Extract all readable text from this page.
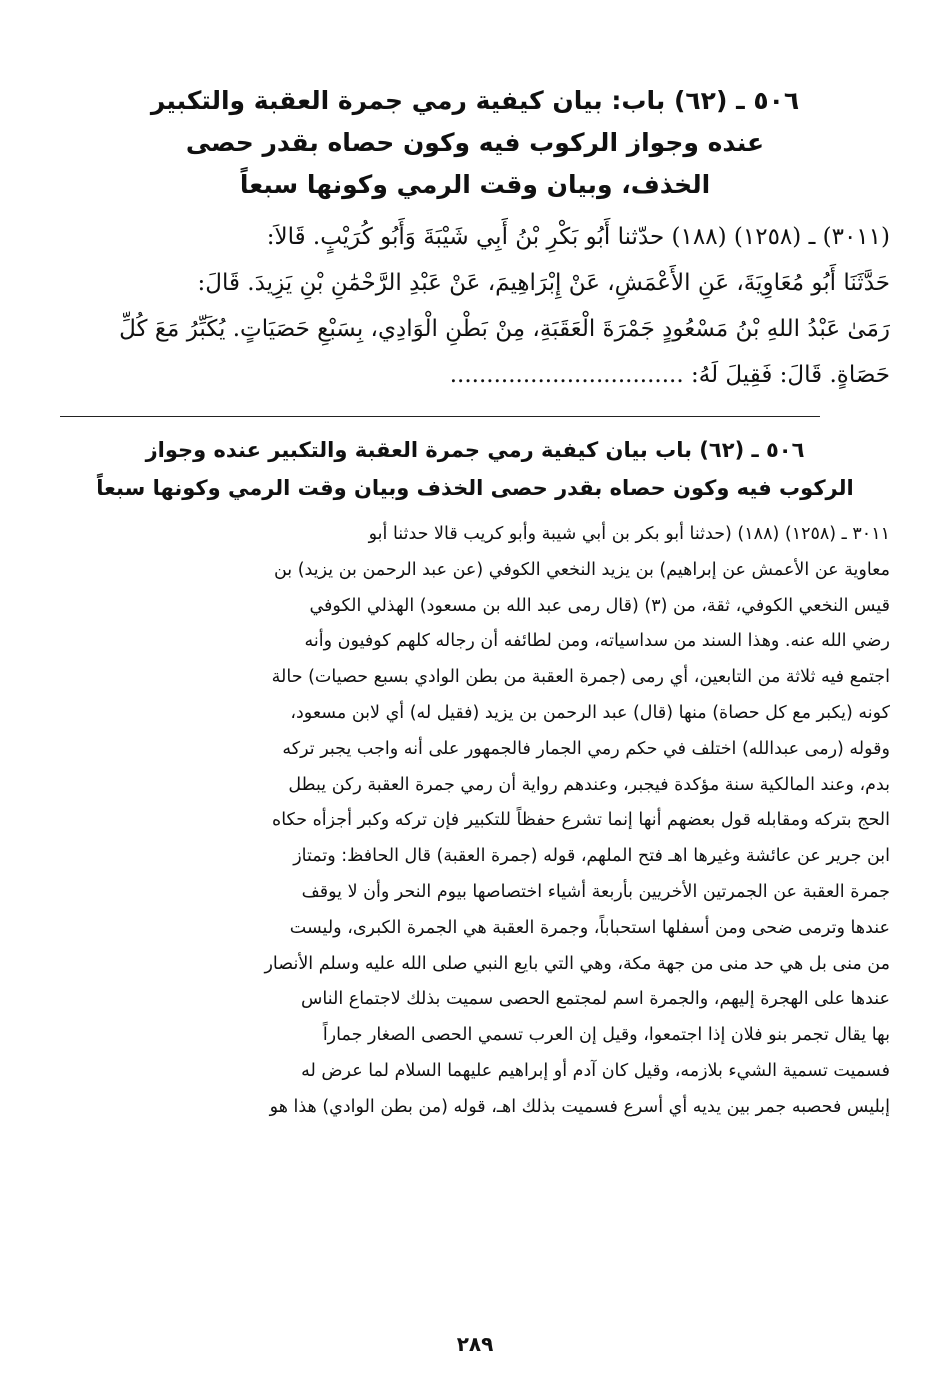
٥٠٦ ـ (٦٢) باب: بيان كيفية رمي جمرة العقبة والتكبير
عنده وجواز الركوب فيه وكون حصاه بقدر حصى
الخذف، وبيان وقت الرمي وكونها سبعاً
(٣٠١١) ـ (١٢٥٨) (١٨٨) حدّثنا أَبُو بَكْرِ بْنُ أَبِي شَيْبَةَ وَأَبُو كُرَيْبٍ. قَالاَ:
حَدَّثَنَا أَبُو مُعَاوِيَةَ، عَنِ الأَعْمَشِ، عَنْ إِبْرَاهِيمَ، عَنْ عَبْدِ الرَّحْمَٰنِ بْنِ يَزِيدَ. قَالَ:
رَمَىٰ عَبْدُ اللهِ بْنُ مَسْعُودٍ جَمْرَةَ الْعَقَبَةِ، مِنْ بَطْنِ الْوَادِي، بِسَبْعِ حَصَيَاتٍ. يُكَبِّرُ مَعَ كُلِّ
حَصَاةٍ. قَالَ: فَقِيلَ لَهُ: ................................
٥٠٦ ـ (٦٢) باب بيان كيفية رمي جمرة العقبة والتكبير عنده وجواز
الركوب فيه وكون حصاه بقدر حصى الخذف وبيان وقت الرمي وكونها سبعاً
٣٠١١ ـ (١٢٥٨) (١٨٨) (حدثنا أبو بكر بن أبي شيبة وأبو كريب قالا حدثنا أبو
معاوية عن الأعمش عن إبراهيم) بن يزيد النخعي الكوفي (عن عبد الرحمن بن يزيد) بن
قيس النخعي الكوفي، ثقة، من (٣) (قال رمى عبد الله بن مسعود) الهذلي الكوفي
رضي الله عنه. وهذا السند من سداسياته، ومن لطائفه أن رجاله كلهم كوفيون وأنه
اجتمع فيه ثلاثة من التابعين، أي رمى (جمرة العقبة من بطن الوادي بسبع حصيات) حالة
كونه (يكبر مع كل حصاة) منها (قال) عبد الرحمن بن يزيد (فقيل له) أي لابن مسعود،
وقوله (رمى عبدالله) اختلف في حكم رمي الجمار فالجمهور على أنه واجب يجبر تركه
بدم، وعند المالكية سنة مؤكدة فيجبر، وعندهم رواية أن رمي جمرة العقبة ركن يبطل
الحج بتركه ومقابله قول بعضهم أنها إنما تشرع حفظاً للتكبير فإن تركه وكبر أجزأه حكاه
ابن جرير عن عائشة وغيرها اهـ فتح الملهم، قوله (جمرة العقبة) قال الحافظ: وتمتاز
جمرة العقبة عن الجمرتين الأخريين بأربعة أشياء اختصاصها بيوم النحر وأن لا يوقف
عندها وترمى ضحى ومن أسفلها استحباباً، وجمرة العقبة هي الجمرة الكبرى، وليست
من منى بل هي حد منى من جهة مكة، وهي التي بايع النبي صلى الله عليه وسلم الأنصار
عندها على الهجرة إليهم، والجمرة اسم لمجتمع الحصى سميت بذلك لاجتماع الناس
بها يقال تجمر بنو فلان إذا اجتمعوا، وقيل إن العرب تسمي الحصى الصغار جماراً
فسميت تسمية الشيء بلازمه، وقيل كان آدم أو إبراهيم عليهما السلام لما عرض له
إبليس فحصبه جمر بين يديه أي أسرع فسميت بذلك اهـ، قوله (من بطن الوادي) هذا هو
٢٨٩
